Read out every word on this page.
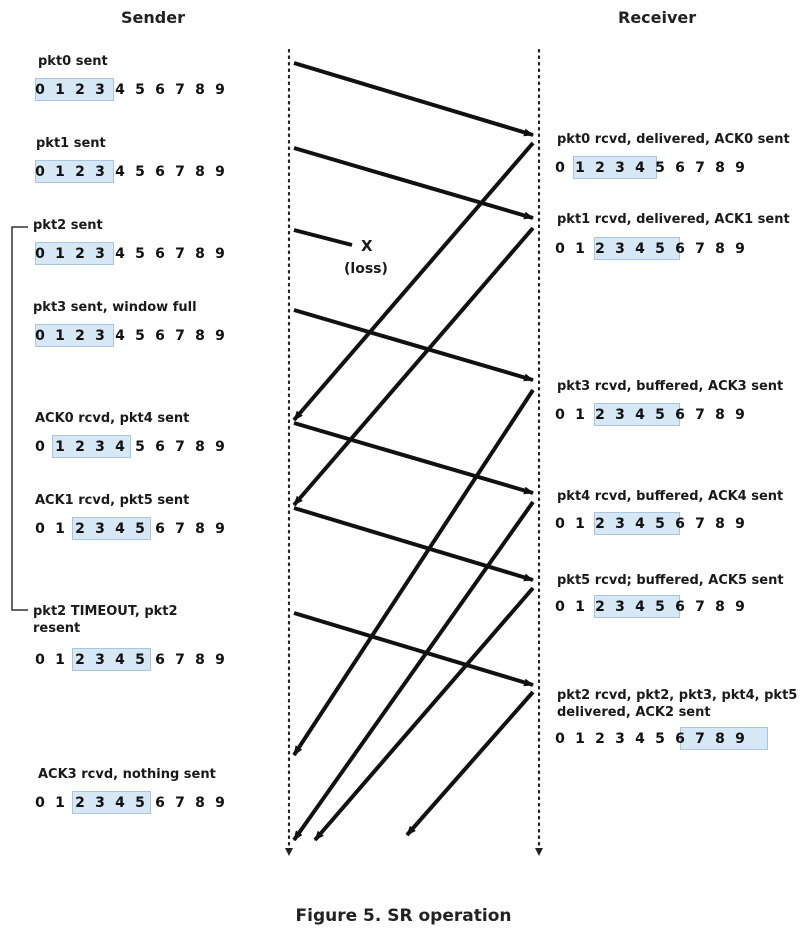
Sender	Receiver
X
(loss)
pkt0 sent
0 1 2 3 4 5 6 7 8 9
pkt1 sent
0 1 2 3 4 5 6 7 8 9
pkt2 sent
0 1 2 3 4 5 6 7 8 9
pkt3 sent, window full
0 1 2 3 4 5 6 7 8 9
ACK0 rcvd, pkt4 sent
0 1 2 3 4 5 6 7 8 9
ACK1 rcvd, pkt5 sent
0 1 2 3 4 5 6 7 8 9
pkt2 TIMEOUT, pkt2 resent
0 1 2 3 4 5 6 7 8 9
ACK3 rcvd, nothing sent
0 1 2 3 4 5 6 7 8 9
pkt0 rcvd, delivered, ACK0 sent
0 1 2 3 4 5 6 7 8 9
pkt1 rcvd, delivered, ACK1 sent
0 1 2 3 4 5 6 7 8 9
pkt3 rcvd, buffered, ACK3 sent
0 1 2 3 4 5 6 7 8 9
pkt4 rcvd, buffered, ACK4 sent
0 1 2 3 4 5 6 7 8 9
pkt5 rcvd; buffered, ACK5 sent
0 1 2 3 4 5 6 7 8 9
pkt2 rcvd, pkt2, pkt3, pkt4, pkt5 delivered, ACK2 sent
0 1 2 3 4 5 6 7 8 9
Figure 5. SR operation
